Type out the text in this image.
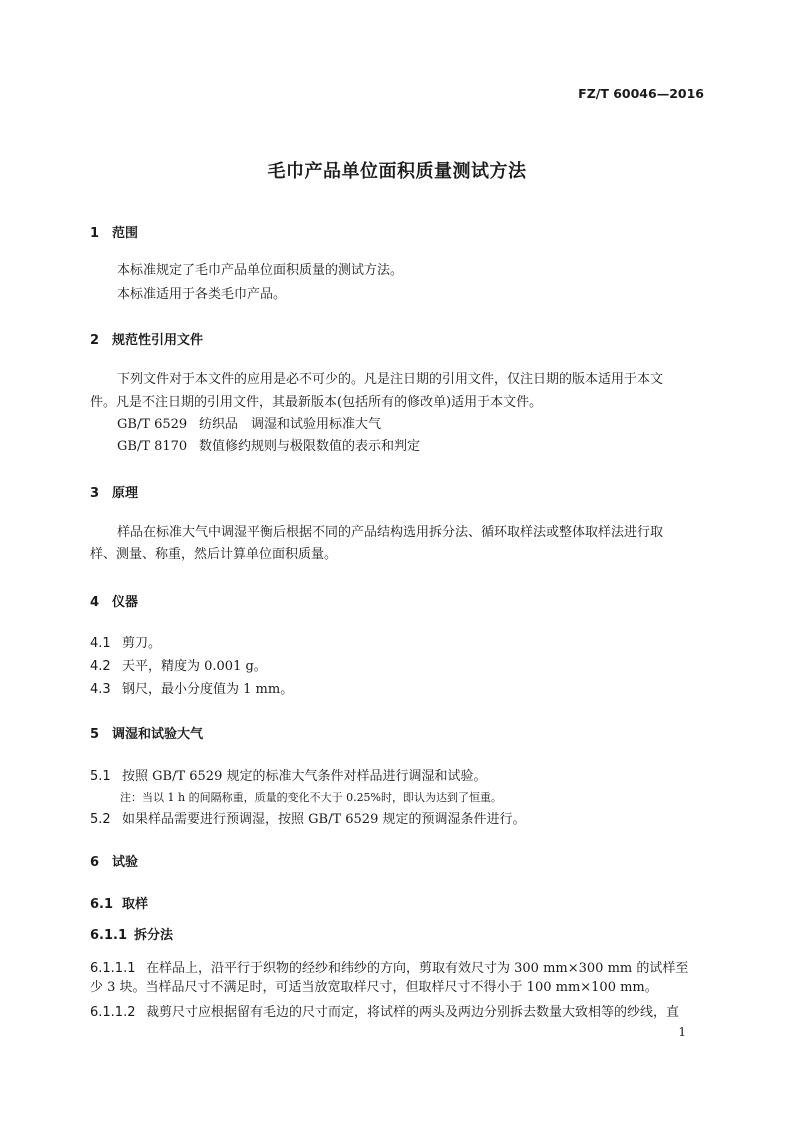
FZ/T 60046—2016
毛巾产品单位面积质量测试方法
1 范围
本标准规定了毛巾产品单位面积质量的测试方法。
本标准适用于各类毛巾产品。
2 规范性引用文件
下列文件对于本文件的应用是必不可少的。凡是注日期的引用文件，仅注日期的版本适用于本文
件。凡是不注日期的引用文件，其最新版本(包括所有的修改单)适用于本文件。
GB/T 6529 纺织品　调湿和试验用标准大气
GB/T 8170 数值修约规则与极限数值的表示和判定
3 原理
样品在标准大气中调湿平衡后根据不同的产品结构选用拆分法、循环取样法或整体取样法进行取
样、测量、称重，然后计算单位面积质量。
4 仪器
4.1 剪刀。
4.2 天平，精度为 0.001 g。
4.3 钢尺，最小分度值为 1 mm。
5 调湿和试验大气
5.1 按照 GB/T 6529 规定的标准大气条件对样品进行调湿和试验。
注：当以 1 h 的间隔称重，质量的变化不大于 0.25%时，即认为达到了恒重。
5.2 如果样品需要进行预调湿，按照 GB/T 6529 规定的预调湿条件进行。
6 试验
6.1 取样
6.1.1 拆分法
6.1.1.1 在样品上，沿平行于织物的经纱和纬纱的方向，剪取有效尺寸为 300 mm×300 mm 的试样至
少 3 块。当样品尺寸不满足时，可适当放宽取样尺寸，但取样尺寸不得小于 100 mm×100 mm。
6.1.1.2 裁剪尺寸应根据留有毛边的尺寸而定，将试样的两头及两边分别拆去数量大致相等的纱线，直
1
